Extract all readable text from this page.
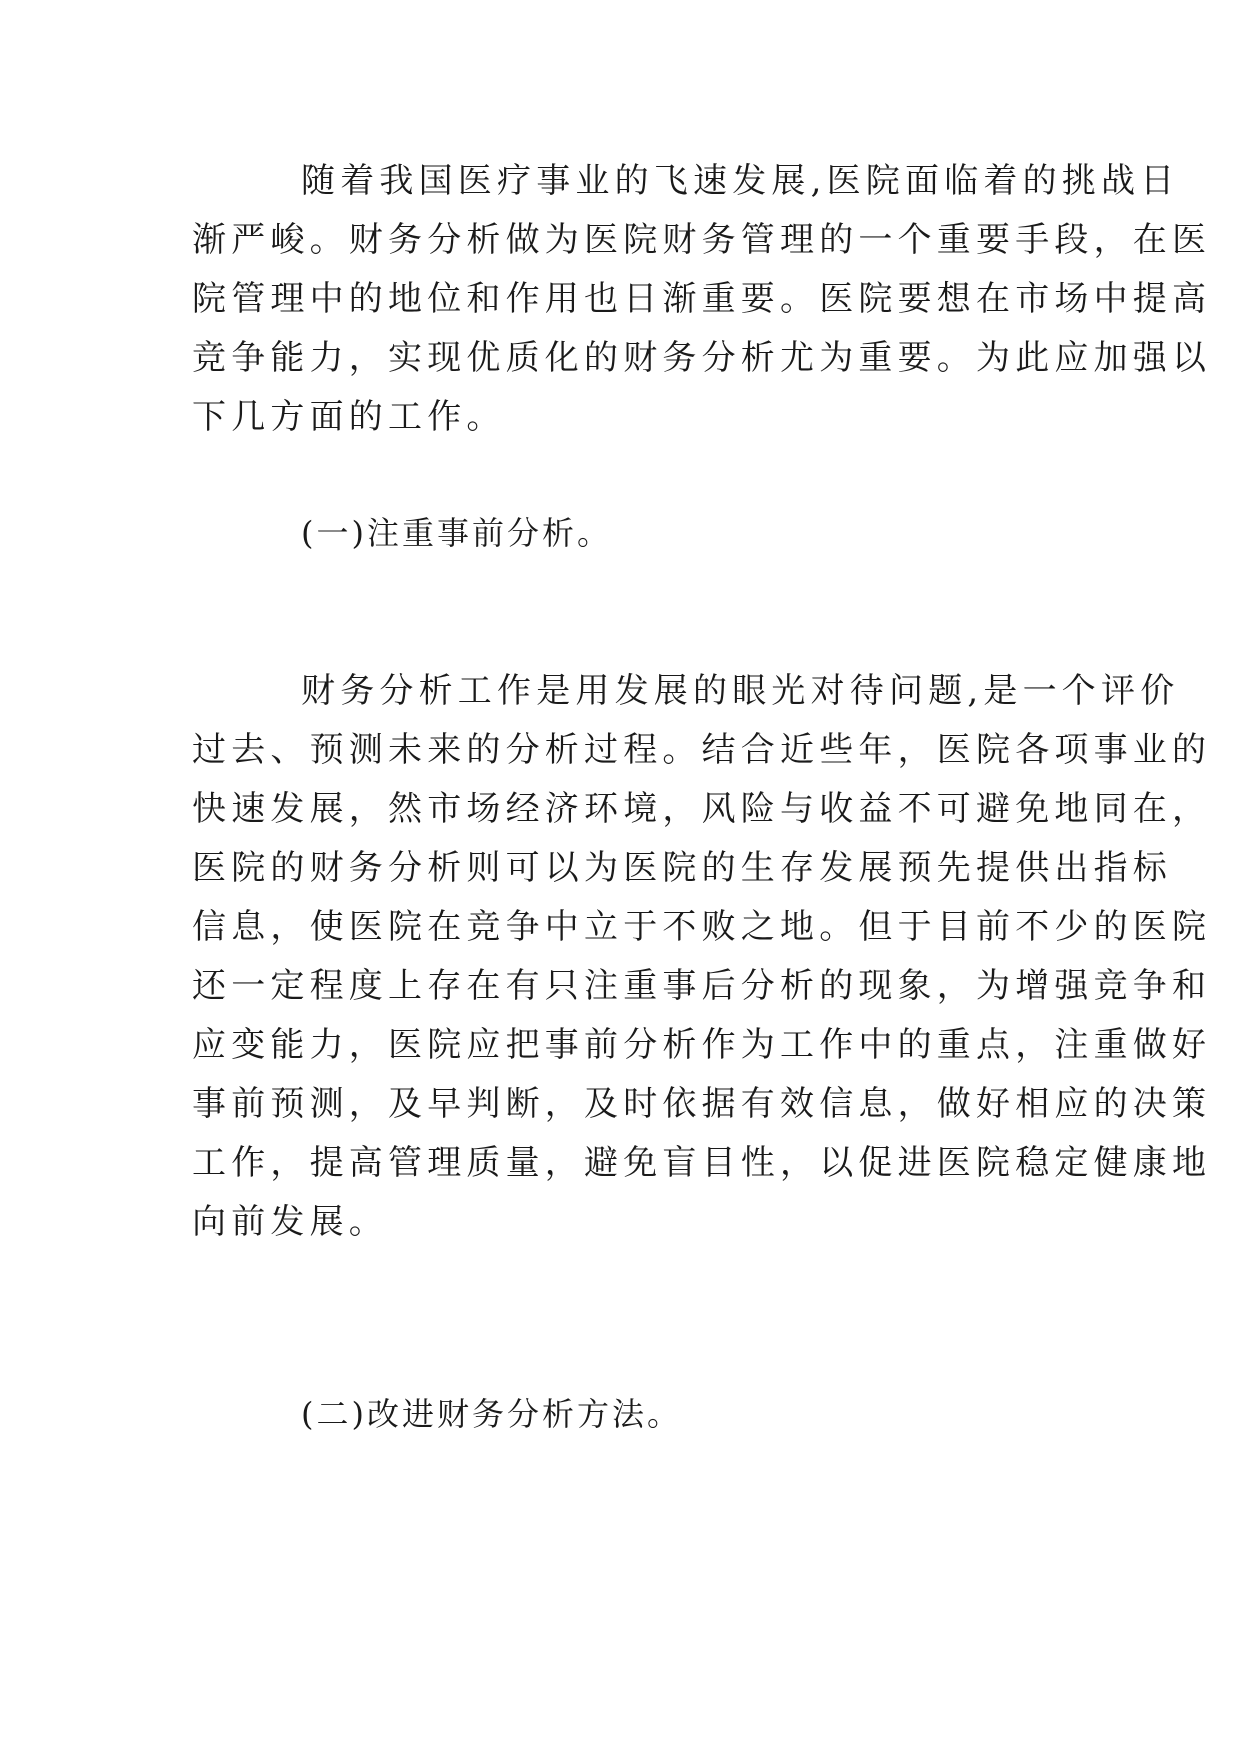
随着我国医疗事业的飞速发展,医院面临着的挑战日
渐严峻。财务分析做为医院财务管理的一个重要手段，在医
院管理中的地位和作用也日渐重要。医院要想在市场中提高
竞争能力，实现优质化的财务分析尤为重要。为此应加强以
下几方面的工作。
(一)注重事前分析。
财务分析工作是用发展的眼光对待问题,是一个评价
过去、预测未来的分析过程。结合近些年，医院各项事业的
快速发展，然市场经济环境，风险与收益不可避免地同在，
医院的财务分析则可以为医院的生存发展预先提供出指标
信息，使医院在竞争中立于不败之地。但于目前不少的医院
还一定程度上存在有只注重事后分析的现象，为增强竞争和
应变能力，医院应把事前分析作为工作中的重点，注重做好
事前预测，及早判断，及时依据有效信息，做好相应的决策
工作，提高管理质量，避免盲目性，以促进医院稳定健康地
向前发展。
(二)改进财务分析方法。
